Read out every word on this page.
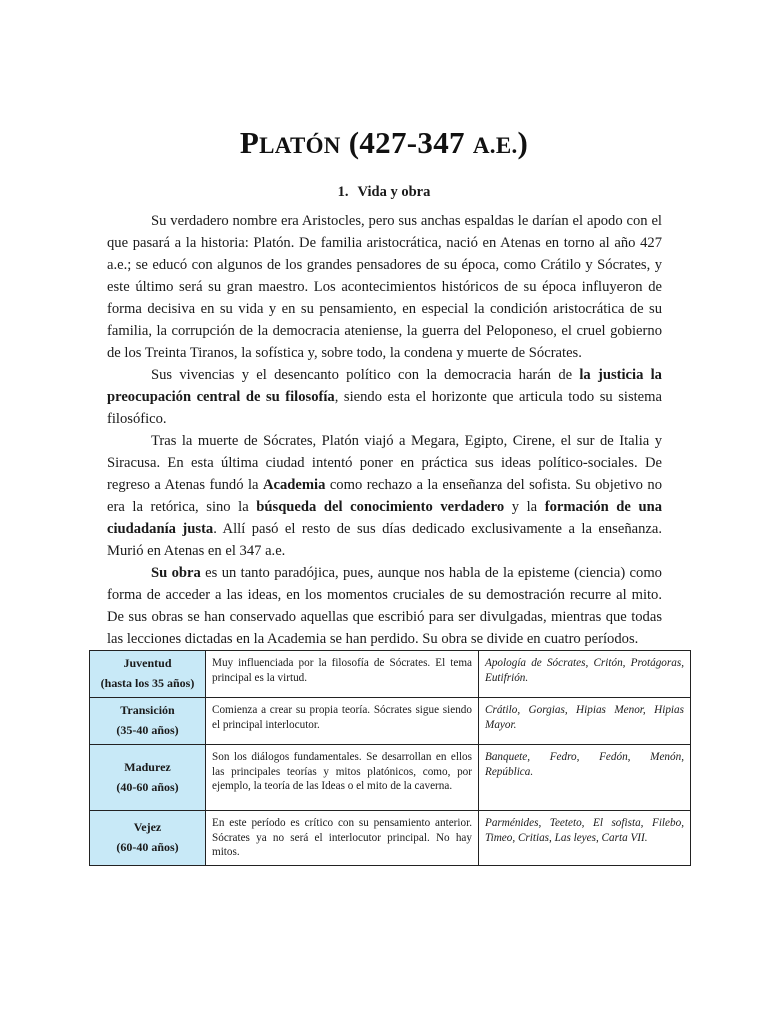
PLATÓN (427-347 A.E.)
1. Vida y obra

Su verdadero nombre era Aristocles, pero sus anchas espaldas le darían el apodo con el que pasará a la historia: Platón. De familia aristocrática, nació en Atenas en torno al año 427 a.e.; se educó con algunos de los grandes pensadores de su época, como Crátilo y Sócrates, y este último será su gran maestro. Los acontecimientos históricos de su época influyeron de forma decisiva en su vida y en su pensamiento, en especial la condición aristocrática de su familia, la corrupción de la democracia ateniense, la guerra del Peloponeso, el cruel gobierno de los Treinta Tiranos, la sofística y, sobre todo, la condena y muerte de Sócrates.

Sus vivencias y el desencanto político con la democracia harán de la justicia la preocupación central de su filosofía, siendo esta el horizonte que articula todo su sistema filosófico.

Tras la muerte de Sócrates, Platón viajó a Megara, Egipto, Cirene, el sur de Italia y Siracusa. En esta última ciudad intentó poner en práctica sus ideas político-sociales. De regreso a Atenas fundó la Academia como rechazo a la enseñanza del sofista. Su objetivo no era la retórica, sino la búsqueda del conocimiento verdadero y la formación de una ciudadanía justa. Allí pasó el resto de sus días dedicado exclusivamente a la enseñanza. Murió en Atenas en el 347 a.e.

Su obra es un tanto paradójica, pues, aunque nos habla de la episteme (ciencia) como forma de acceder a las ideas, en los momentos cruciales de su demostración recurre al mito. De sus obras se han conservado aquellas que escribió para ser divulgadas, mientras que todas las lecciones dictadas en la Academia se han perdido. Su obra se divide en cuatro períodos.

Juventud
(hasta los 35 años)	Muy influenciada por la filosofía de Sócrates. El tema principal es la virtud.	Apología de Sócrates, Critón, Protágoras, Eutifrión.
Transición
(35-40 años)	Comienza a crear su propia teoría. Sócrates sigue siendo el principal interlocutor.	Crátilo, Gorgias, Hipias Menor, Hipias Mayor.
Madurez
(40-60 años)	Son los diálogos fundamentales. Se desarrollan en ellos las principales teorías y mitos platónicos, como, por ejemplo, la teoría de las Ideas o el mito de la caverna.	Banquete, Fedro, Fedón, Menón, República.
Vejez
(60-40 años)	En este período es crítico con su pensamiento anterior. Sócrates ya no será el interlocutor principal. No hay mitos.	Parménides, Teeteto, El sofista, Filebo, Timeo, Critias, Las leyes, Carta VII.
